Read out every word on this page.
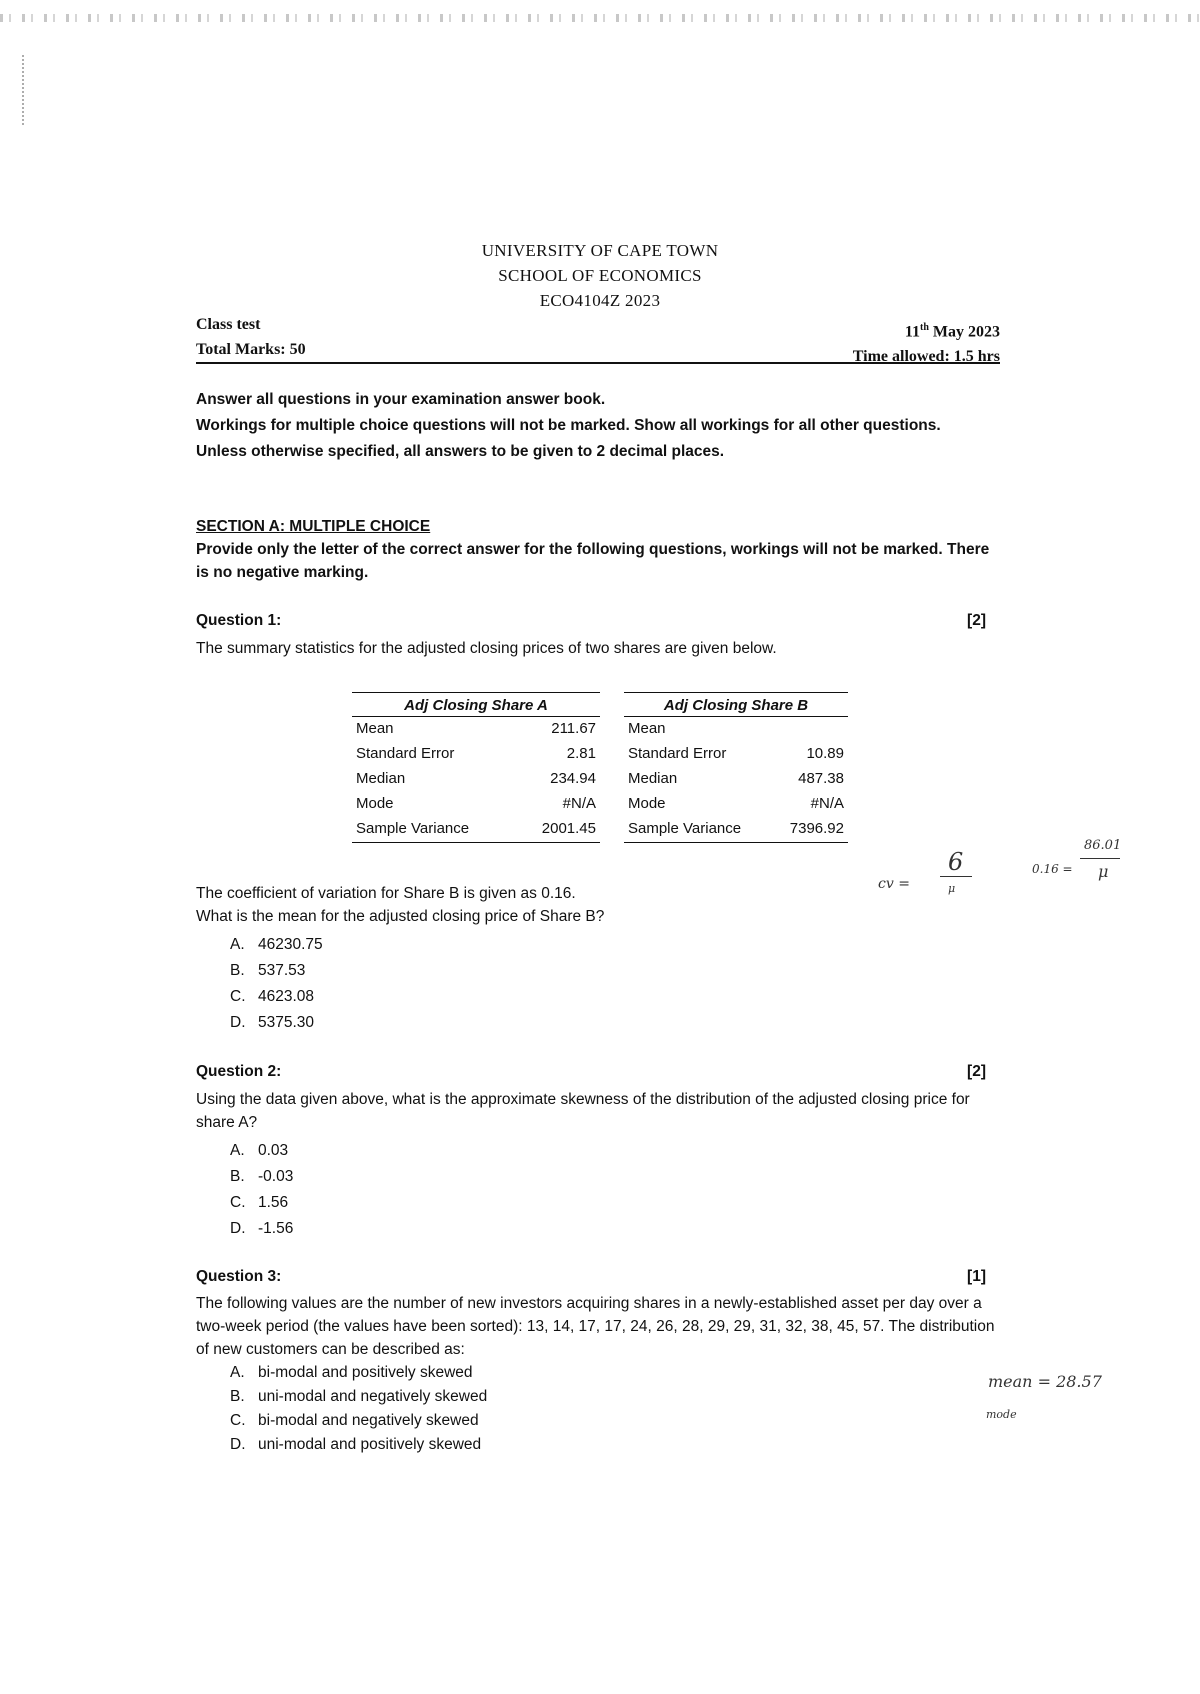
UNIVERSITY OF CAPE TOWN
SCHOOL OF ECONOMICS
ECO4104Z 2023
Class test
Total Marks: 50
11th May 2023
Time allowed: 1.5 hrs

Answer all questions in your examination answer book.

Workings for multiple choice questions will not be marked. Show all workings for all other questions.

Unless otherwise specified, all answers to be given to 2 decimal places.

SECTION A: MULTIPLE CHOICE
Provide only the letter of the correct answer for the following questions, workings will not be marked. There is no negative marking.
Question 1:	[2]
The summary statistics for the adjusted closing prices of two shares are given below.
Adj Closing Share A	
Mean	211.67
Standard Error	2.81
Median	234.94
Mode	#N/A
Sample Variance	2001.45
Adj Closing Share B	
Mean	
Standard Error	10.89
Median	487.38
Mode	#N/A
Sample Variance	7396.92
The coefficient of variation for Share B is given as 0.16.
What is the mean for the adjusted closing price of Share B?
A. 46230.75
B. 537.53
C. 4623.08
D. 5375.30
Question 2:	[2]
Using the data given above, what is the approximate skewness of the distribution of the adjusted closing price for share A?
A. 0.03
B. -0.03
C. 1.56
D. -1.56
Question 3:	[1]
The following values are the number of new investors acquiring shares in a newly-established asset per day over a two-week period (the values have been sorted): 13, 14, 17, 17, 24, 26, 28, 29, 29, 31, 32, 38, 45, 57. The distribution of new customers can be described as:
A. bi-modal and positively skewed
B. uni-modal and negatively skewed
C. bi-modal and negatively skewed
D. uni-modal and positively skewed
cv =
6
μ
0.16 =
86.01
μ
mean = 28.57
mode
